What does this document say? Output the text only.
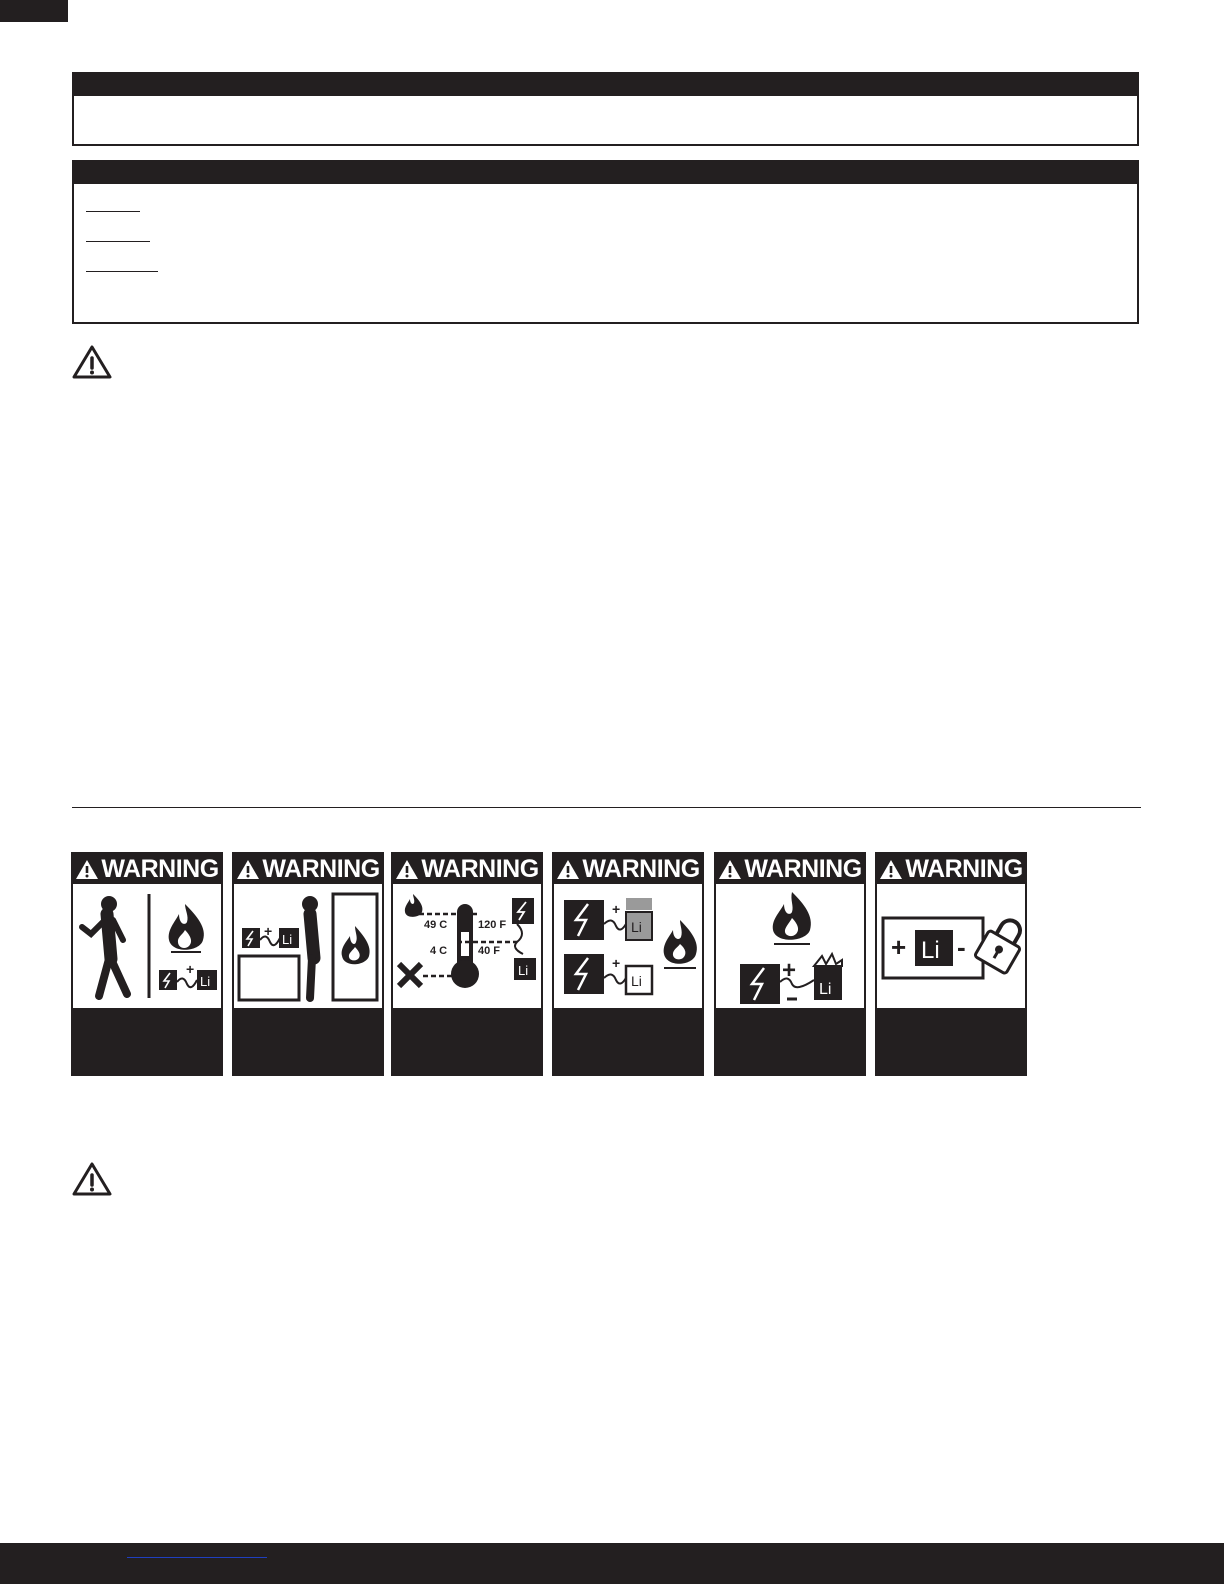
WARNING
+
Li
WARNING
+
Li
WARNING
49 C	120 F
4 C	40 F
Li
WARNING
+
Li
+
Li
WARNING
+
Li
WARNING
+ Li -
